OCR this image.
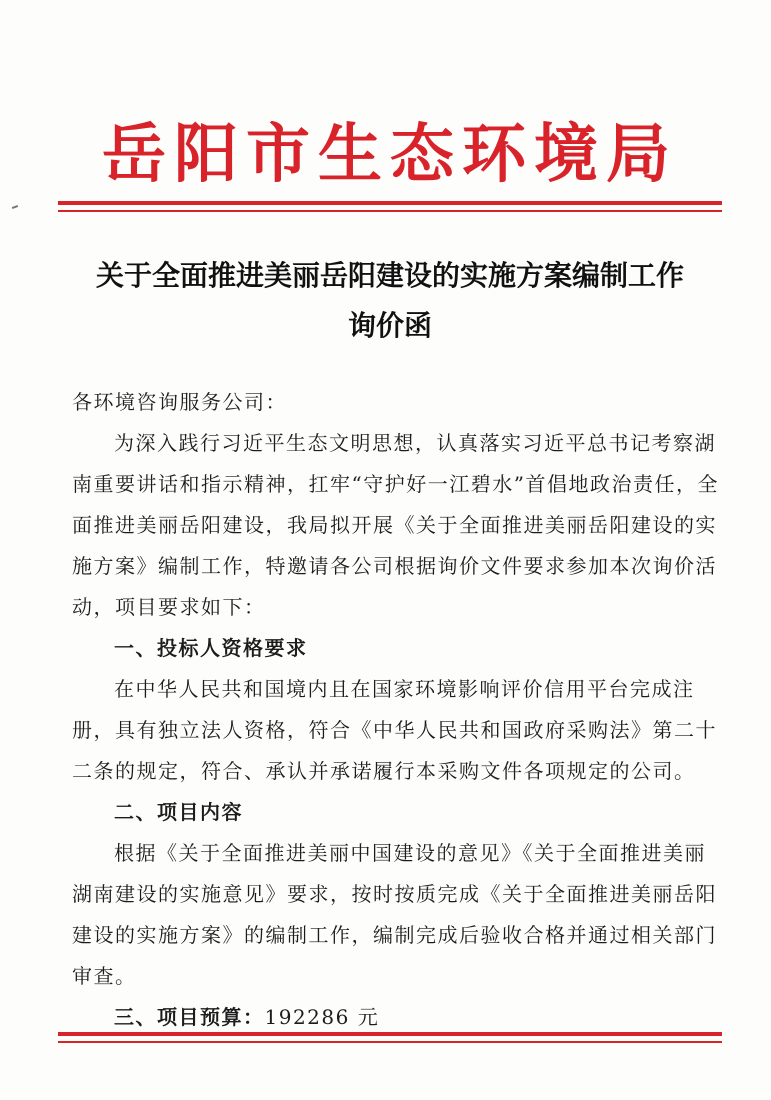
岳阳市生态环境局
关于全面推进美丽岳阳建设的实施方案编制工作
询价函

各环境咨询服务公司：

为深入践行习近平生态文明思想，认真落实习近平总书记考察湖南重要讲话和指示精神，扛牢“守护好一江碧水”首倡地政治责任，全面推进美丽岳阳建设，我局拟开展《关于全面推进美丽岳阳建设的实施方案》编制工作，特邀请各公司根据询价文件要求参加本次询价活动，项目要求如下：

一、投标人资格要求

在中华人民共和国境内且在国家环境影响评价信用平台完成注册，具有独立法人资格，符合《中华人民共和国政府采购法》第二十二条的规定，符合、承认并承诺履行本采购文件各项规定的公司。

二、项目内容

根据《关于全面推进美丽中国建设的意见》《关于全面推进美丽湖南建设的实施意见》要求，按时按质完成《关于全面推进美丽岳阳建设的实施方案》的编制工作，编制完成后验收合格并通过相关部门审查。

三、项目预算：192286 元
